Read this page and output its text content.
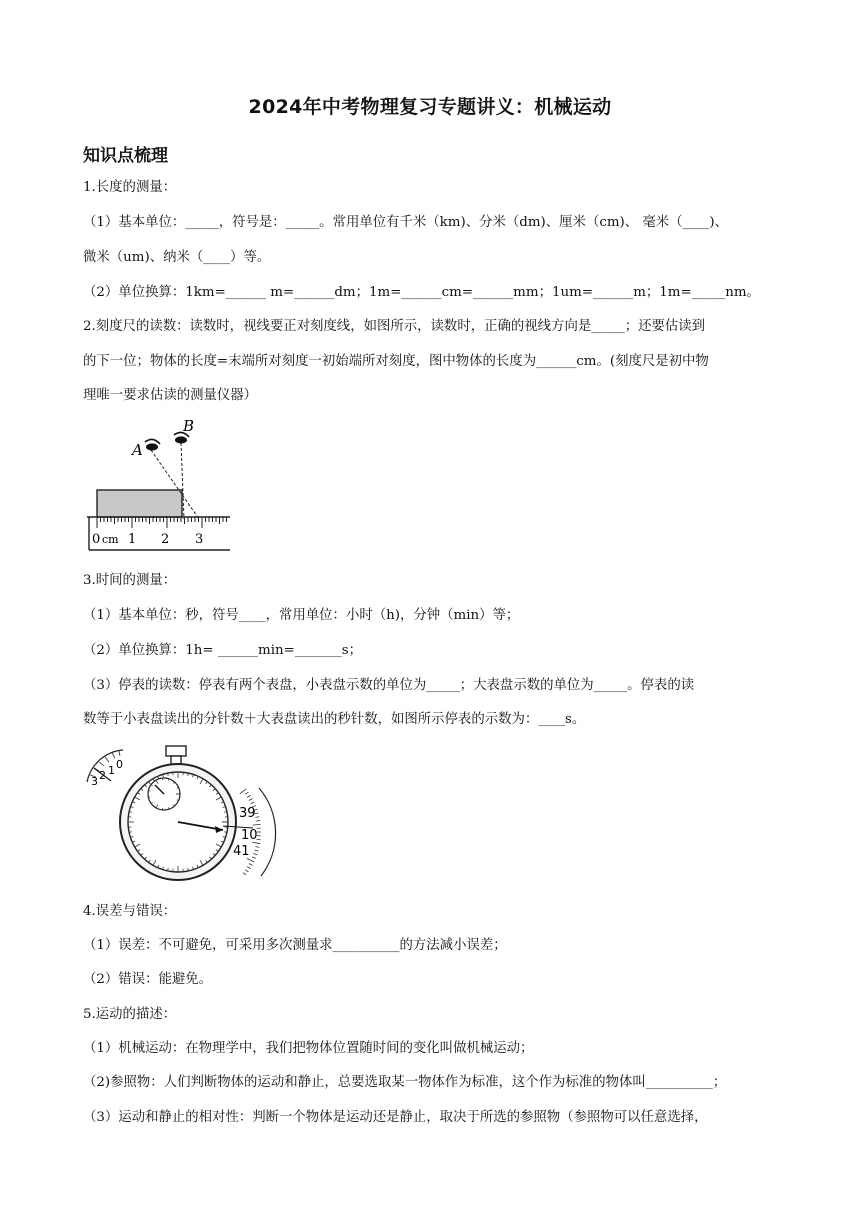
2024年中考物理复习专题讲义：机械运动
知识点梳理
1.长度的测量：
（1）基本单位：_____，符号是：_____。常用单位有千米（km)、分米（dm)、厘米（cm)、 毫米（____)、
微米（um)、纳米（____）等。
（2）单位换算：1km=______ m=______dm；1m=______cm=______mm；1um=______m；1m=_____nm。
2.刻度尺的读数：读数时，视线要正对刻度线，如图所示，读数时，正确的视线方向是_____；还要估读到
的下一位；物体的长度=末端所对刻度一初始端所对刻度，图中物体的长度为______cm。(刻度尺是初中物
理唯一要求估读的测量仪器）
A
B
0 cm 1 2 3
3.时间的测量：
（1）基本单位：秒，符号____，常用单位：小时（h)，分钟（min）等；
（2）单位换算：1h= ______min=_______s；
（3）停表的读数：停表有两个表盘，小表盘示数的单位为_____；大表盘示数的单位为_____。停表的读
数等于小表盘读出的分针数＋大表盘读出的秒针数，如图所示停表的示数为：____s。
0
1
2
3
39
10
41
4.误差与错误：
（1）误差：不可避免，可采用多次测量求__________的方法减小误差；
（2）错误：能避免。
5.运动的描述：
（1）机械运动：在物理学中，我们把物体位置随时间的变化叫做机械运动；
（2)参照物：人们判断物体的运动和静止，总要选取某一物体作为标准，这个作为标准的物体叫__________；
（3）运动和静止的相对性：判断一个物体是运动还是静止，取决于所选的参照物（参照物可以任意选择，
